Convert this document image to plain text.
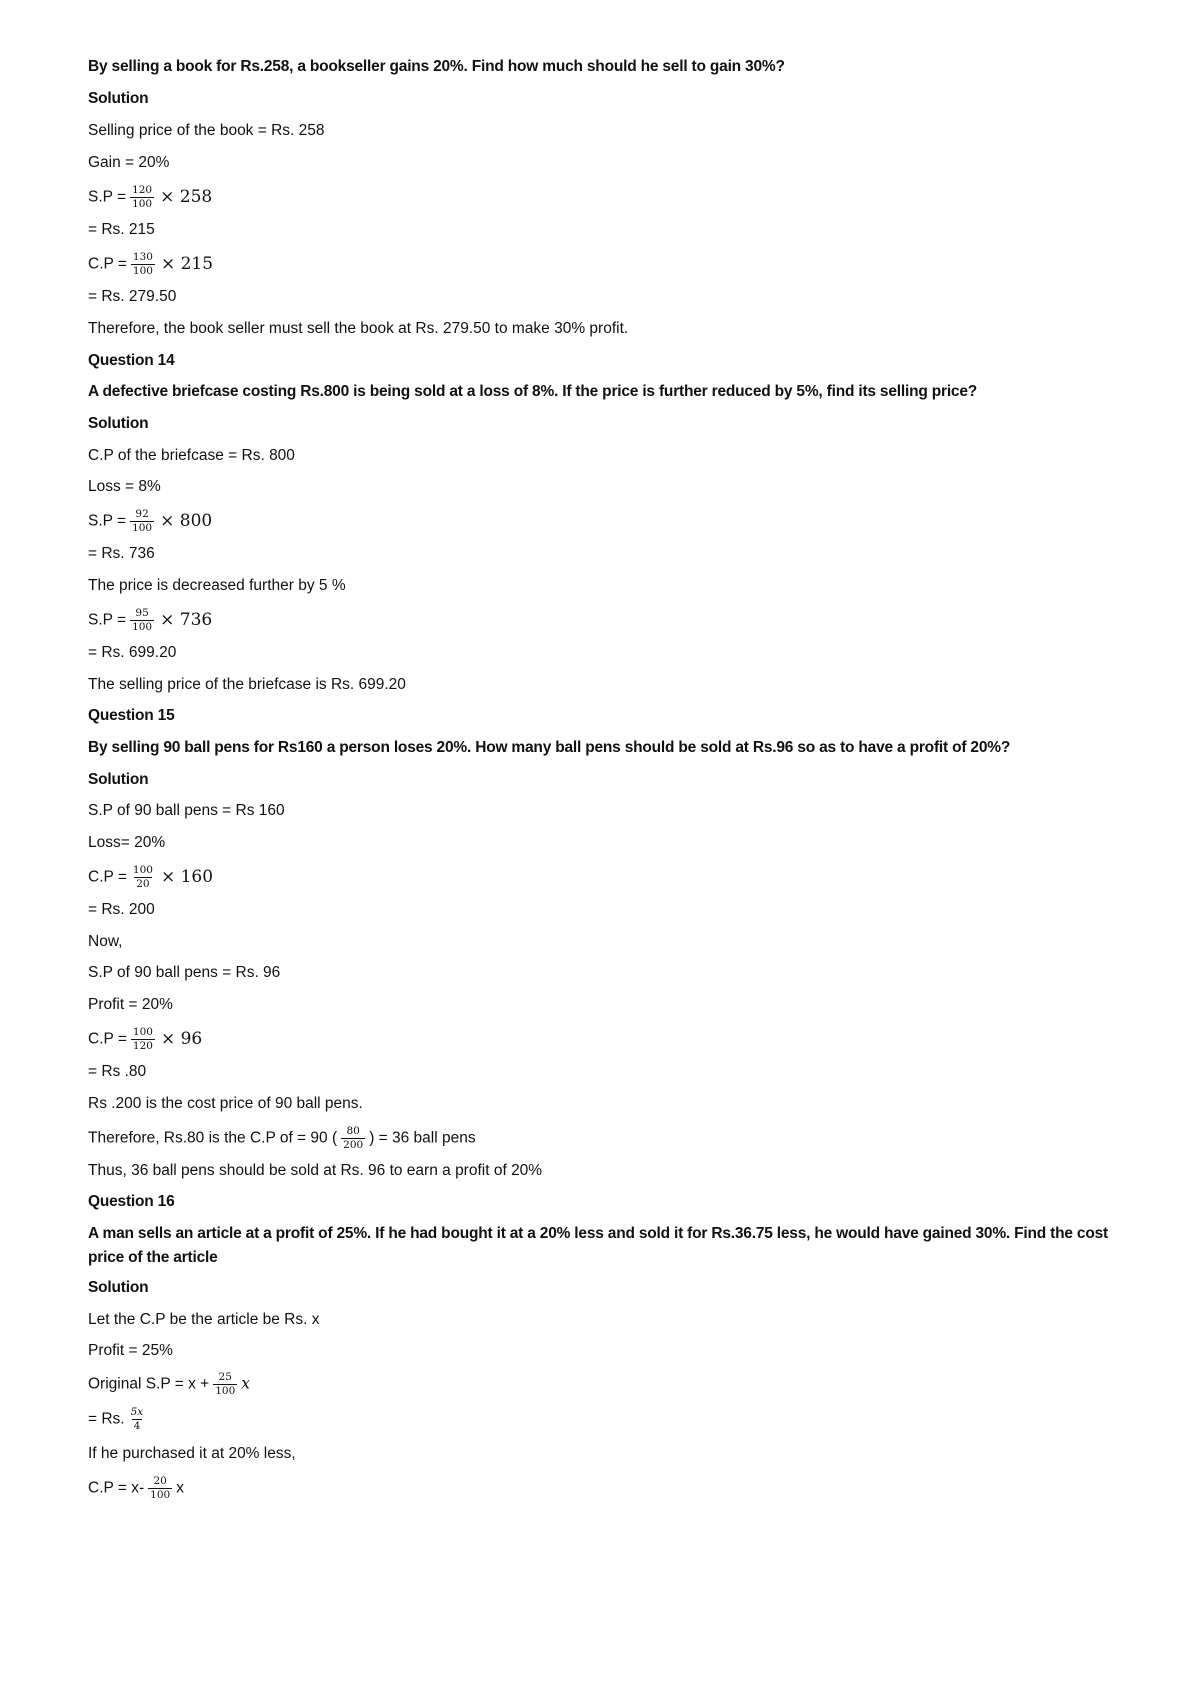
By selling a book for Rs.258, a bookseller gains 20%. Find how much should he sell to gain 30%?
Solution
Selling price of the book = Rs. 258
Gain = 20%
$S.P = \frac{120}{100} \times 258$
= Rs. 215
$C.P = \frac{130}{100} \times 215$
= Rs. 279.50
Therefore, the book seller must sell the book at Rs. 279.50 to make 30% profit.
Question 14
A defective briefcase costing Rs.800 is being sold at a loss of 8%. If the price is further reduced by 5%, find its selling price?
Solution
C.P of the briefcase = Rs. 800
Loss = 8%
$S.P = \frac{92}{100} \times 800$
= Rs. 736
The price is decreased further by 5 %
$S.P = \frac{95}{100} \times 736$
= Rs. 699.20
The selling price of the briefcase is Rs. 699.20
Question 15
By selling 90 ball pens for Rs160 a person loses 20%. How many ball pens should be sold at Rs.96 so as to have a profit of 20%?
Solution
S.P of 90 ball pens = Rs 160
Loss= 20%
$C.P = \frac{100}{20} \times 160$
= Rs. 200
Now,
S.P of 90 ball pens = Rs. 96
Profit = 20%
$C.P = \frac{100}{120} \times 96$
= Rs .80
Rs .200 is the cost price of 90 ball pens.
Therefore, Rs.80 is the C.P of = 90 ( $\frac{80}{200}$ ) = 36 ball pens
Thus, 36 ball pens should be sold at Rs. 96 to earn a profit of 20%
Question 16
A man sells an article at a profit of 25%. If he had bought it at a 20% less and sold it for Rs.36.75 less, he would have gained 30%. Find the cost price of the article
Solution
Let the C.P be the article be Rs. x
Profit = 25%
Original $S.P = x + \frac{25}{100}$ x
= Rs. $\frac{5x}{4}$
If he purchased it at 20% less,
$C.P = x- \frac{20}{100}$ x
